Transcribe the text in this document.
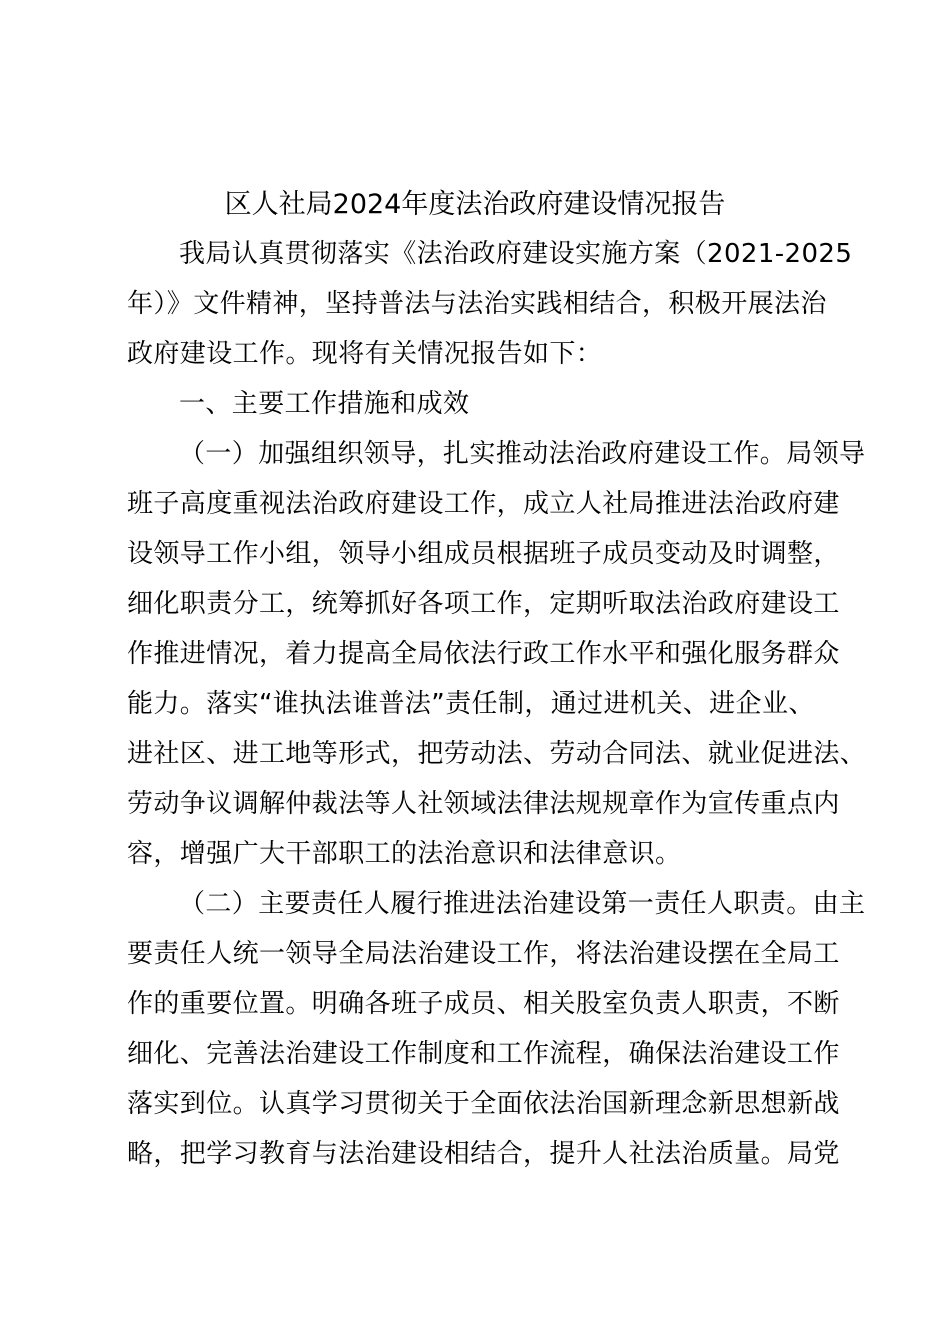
区人社局2024年度法治政府建设情况报告
我局认真贯彻落实《法治政府建设实施方案（2021-2025
年）》文件精神，坚持普法与法治实践相结合，积极开展法治
政府建设工作。现将有关情况报告如下：
一、主要工作措施和成效
（一）加强组织领导，扎实推动法治政府建设工作。局领导
班子高度重视法治政府建设工作，成立人社局推进法治政府建
设领导工作小组，领导小组成员根据班子成员变动及时调整，
细化职责分工，统筹抓好各项工作，定期听取法治政府建设工
作推进情况，着力提高全局依法行政工作水平和强化服务群众
能力。落实“谁执法谁普法”责任制，通过进机关、进企业、
进社区、进工地等形式，把劳动法、劳动合同法、就业促进法、
劳动争议调解仲裁法等人社领域法律法规规章作为宣传重点内
容，增强广大干部职工的法治意识和法律意识。
（二）主要责任人履行推进法治建设第一责任人职责。由主
要责任人统一领导全局法治建设工作，将法治建设摆在全局工
作的重要位置。明确各班子成员、相关股室负责人职责，不断
细化、完善法治建设工作制度和工作流程，确保法治建设工作
落实到位。认真学习贯彻关于全面依法治国新理念新思想新战
略，把学习教育与法治建设相结合，提升人社法治质量。局党
